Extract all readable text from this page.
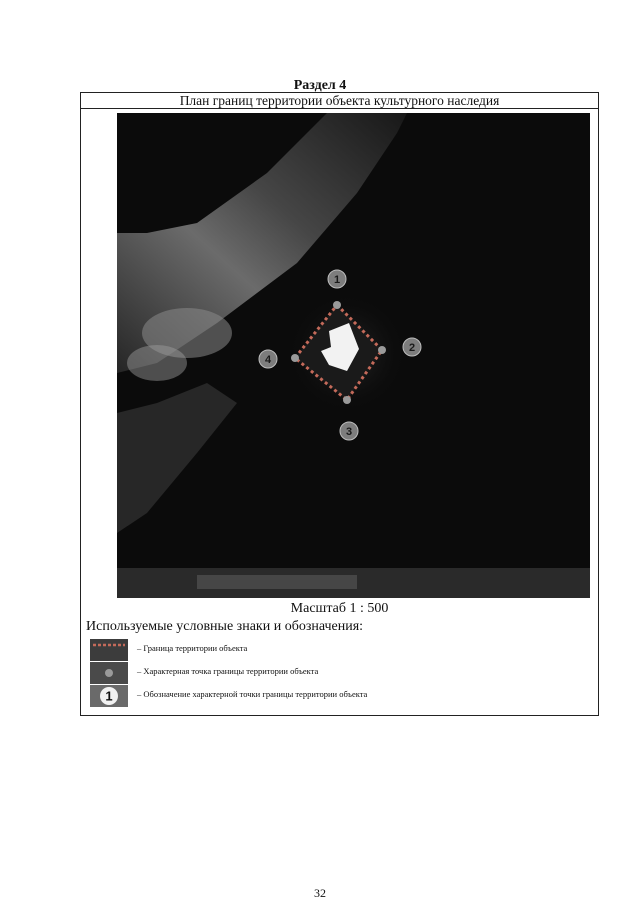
Раздел 4
План границ территории объекта культурного наследия
1
2
3
4
Масштаб 1 : 500
Используемые условные знаки и обозначения:
– Граница территории объекта
– Характерная точка границы территории объекта
1	– Обозначение характерной точки границы территории объекта
32
